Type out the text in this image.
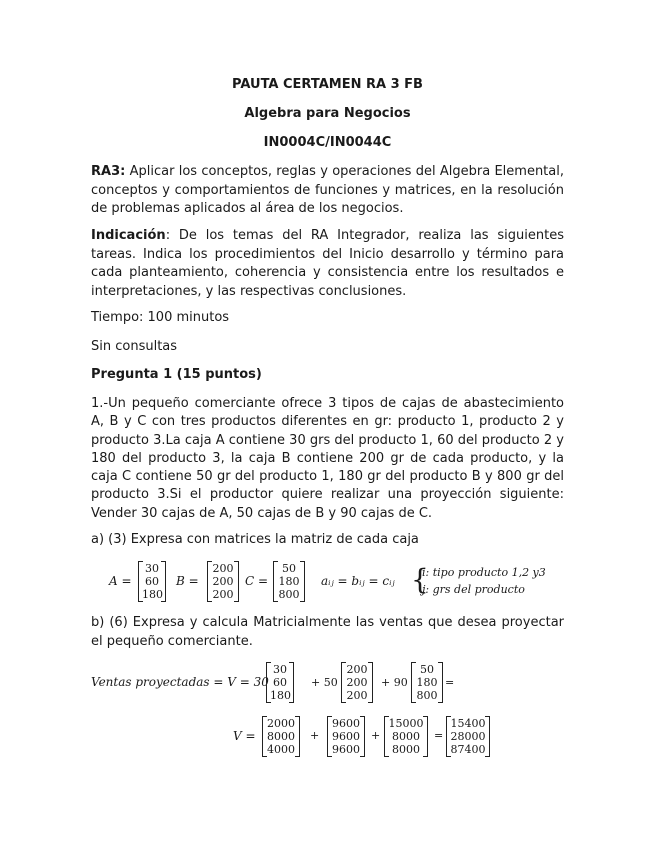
PAUTA CERTAMEN RA 3 FB
Algebra para Negocios
IN0004C/IN0044C
RA3: Aplicar los conceptos, reglas y operaciones del Algebra Elemental, conceptos y comportamientos de funciones y matrices, en la resolución de problemas aplicados al área de los negocios.
Indicación: De los temas del RA Integrador, realiza las siguientes tareas. Indica los procedimientos del Inicio desarrollo y término para cada planteamiento, coherencia y consistencia entre los resultados e interpretaciones, y las respectivas conclusiones.
Tiempo: 100 minutos
Sin consultas
Pregunta 1 (15 puntos)
1.-Un pequeño comerciante ofrece 3 tipos de cajas de abastecimiento A, B y C con tres productos diferentes en gr: producto 1, producto 2 y producto 3.La caja A contiene 30 grs del producto 1, 60 del producto 2 y 180 del producto 3, la caja B contiene 200 gr de cada producto, y la caja C contiene 50 gr del producto 1, 180 gr del producto B y 800 gr del producto 3.Si el productor quiere realizar una proyección siguiente: Vender 30 cajas de A, 50 cajas de B y 90 cajas de C.
a) (3) Expresa con matrices la matriz de cada caja
A =
30
60
180
B =
200
200
200
C =
50
180
800
aᵢⱼ = bᵢⱼ = cᵢⱼ {
i: tipo producto 1,2 y3
j: grs del producto
b) (6) Expresa y calcula Matricialmente las ventas que desea proyectar el pequeño comerciante.
Ventas proyectadas = V = 30
30
60
180
+ 50
200
200
200
+ 90
50
180
800
=
V =
2000
8000
4000
+
9600
9600
9600
+
15000
8000
8000
=
15400
28000
87400
